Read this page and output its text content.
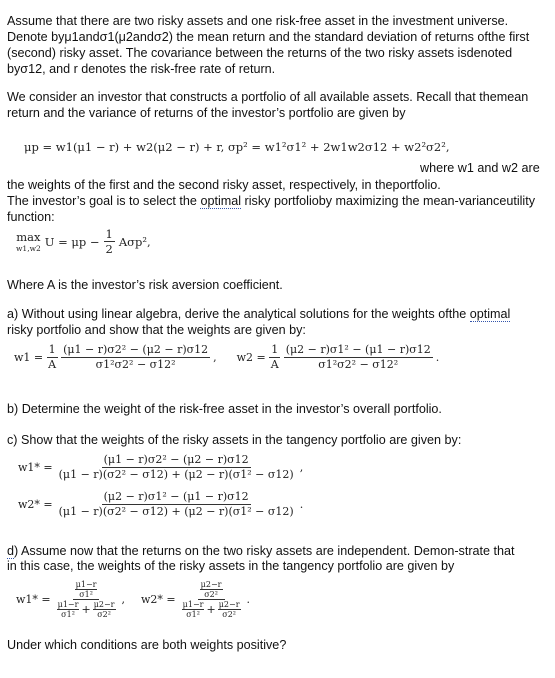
Assume that there are two risky assets and one risk-free asset in the investment universe. Denote byμ1andσ1(μ2andσ2) the mean return and the standard deviation of returns ofthe first (second) risky asset. The covariance between the returns of the two risky assets isdenoted byσ12, and r denotes the risk-free rate of return.
We consider an investor that constructs a portfolio of all available assets. Recall that themean return and the variance of returns of the investor’s portfolio are given by
μp = w1(μ1 − r) + w2(μ2 − r) + r, σp² = w1²σ1² + 2w1w2σ12 + w2²σ2²,
where w1 and w2 are
the weights of the first and the second risky asset, respectively, in theportfolio.
The investor’s goal is to select the optimal risky portfolioby maximizing the mean-varianceutility function:
max
w1,w2 $U = \mu p - \frac{1}{2} A\sigma p^2$,
Where A is the investor’s risk aversion coefficient.
a) Without using linear algebra, derive the analytical solutions for the weights ofthe optimal
risky portfolio and show that the weights are given by:
$w1 = \frac{1}{A} \frac{\text{(μ1 − r)σ2² − (μ2 − r)σ12}}{\text{σ1²σ2² − σ12²}}$ , $w2 = \frac{1}{A} \frac{\text{(μ2 − r)σ1² − (μ1 − r)σ12}}{\text{σ1²σ2² − σ12²}}$ .
b) Determine the weight of the risk-free asset in the investor’s overall portfolio.
c) Show that the weights of the risky assets in the tangency portfolio are given by:
$w1* = \frac{\text{(μ1 − r)σ2² − (μ2 − r)σ12}}{\text{(μ1 − r)(σ2² − σ12) + (μ2 − r)(σ1² − σ12)}}$ ,
$w2* = \frac{\text{(μ2 − r)σ1² − (μ1 − r)σ12}}{\text{(μ1 − r)(σ2² − σ12) + (μ2 − r)(σ1² − σ12)}}$ .
d) Assume now that the returns on the two risky assets are independent. Demon-strate that
in this case, the weights of the risky assets in the tangency portfolio are given by
$w1* = \frac{\frac{\mu 1-r}{\text{σ1²}}}{\frac{\mu 1-r}{\text{σ1²}} + \frac{\mu 2-r}{\text{σ2²}}}$ , $w2* = \frac{\frac{\mu 2-r}{\text{σ2²}}}{\frac{\mu 1-r}{\text{σ1²}} + \frac{\mu 2-r}{\text{σ2²}}}$ .
Under which conditions are both weights positive?
